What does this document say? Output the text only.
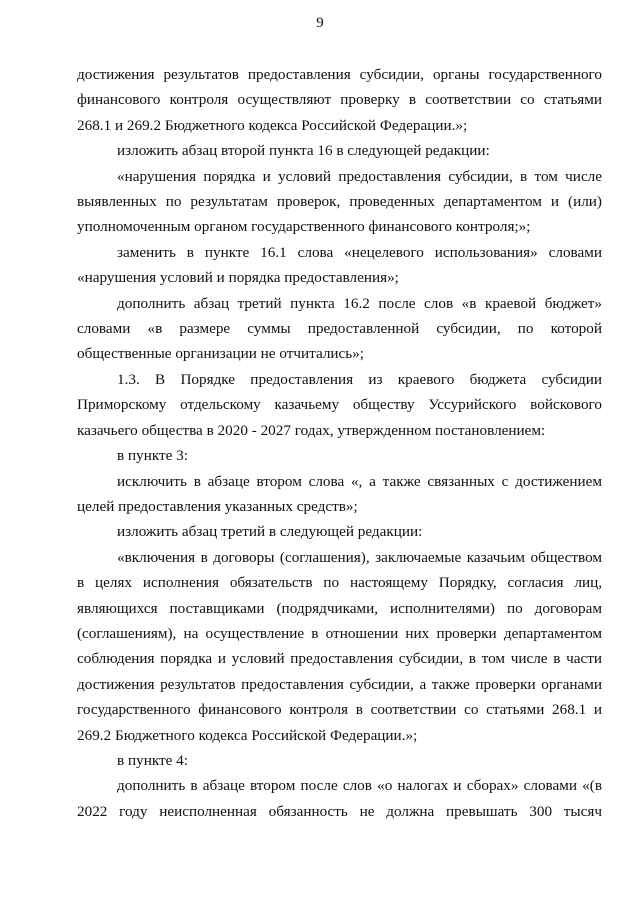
9

достижения результатов предоставления субсидии, органы государственного финансового контроля осуществляют проверку в соответствии со статьями 268.1 и 269.2 Бюджетного кодекса Российской Федерации.»;

изложить абзац второй пункта 16 в следующей редакции:

«нарушения порядка и условий предоставления субсидии, в том числе выявленных по результатам проверок, проведенных департаментом и (или) уполномоченным органом государственного финансового контроля;»;

заменить в пункте 16.1 слова «нецелевого использования» словами «нарушения условий и порядка предоставления»;

дополнить абзац третий пункта 16.2 после слов «в краевой бюджет» словами «в размере суммы предоставленной субсидии, по которой общественные организации не отчитались»;

1.3. В Порядке предоставления из краевого бюджета субсидии Приморскому отдельскому казачьему обществу Уссурийского войскового казачьего общества в 2020 - 2027 годах, утвержденном постановлением:

в пункте 3:

исключить в абзаце втором слова «, а также связанных с достижением целей предоставления указанных средств»;

изложить абзац третий в следующей редакции:

«включения в договоры (соглашения), заключаемые казачьим обществом в целях исполнения обязательств по настоящему Порядку, согласия лиц, являющихся поставщиками (подрядчиками, исполнителями) по договорам (соглашениям), на осуществление в отношении них проверки департаментом соблюдения порядка и условий предоставления субсидии, в том числе в части достижения результатов предоставления субсидии, а также проверки органами государственного финансового контроля в соответствии со статьями 268.1 и 269.2 Бюджетного кодекса Российской Федерации.»;

в пункте 4:

дополнить в абзаце втором после слов «о налогах и сборах» словами «(в 2022 году неисполненная обязанность не должна превышать 300 тысяч
